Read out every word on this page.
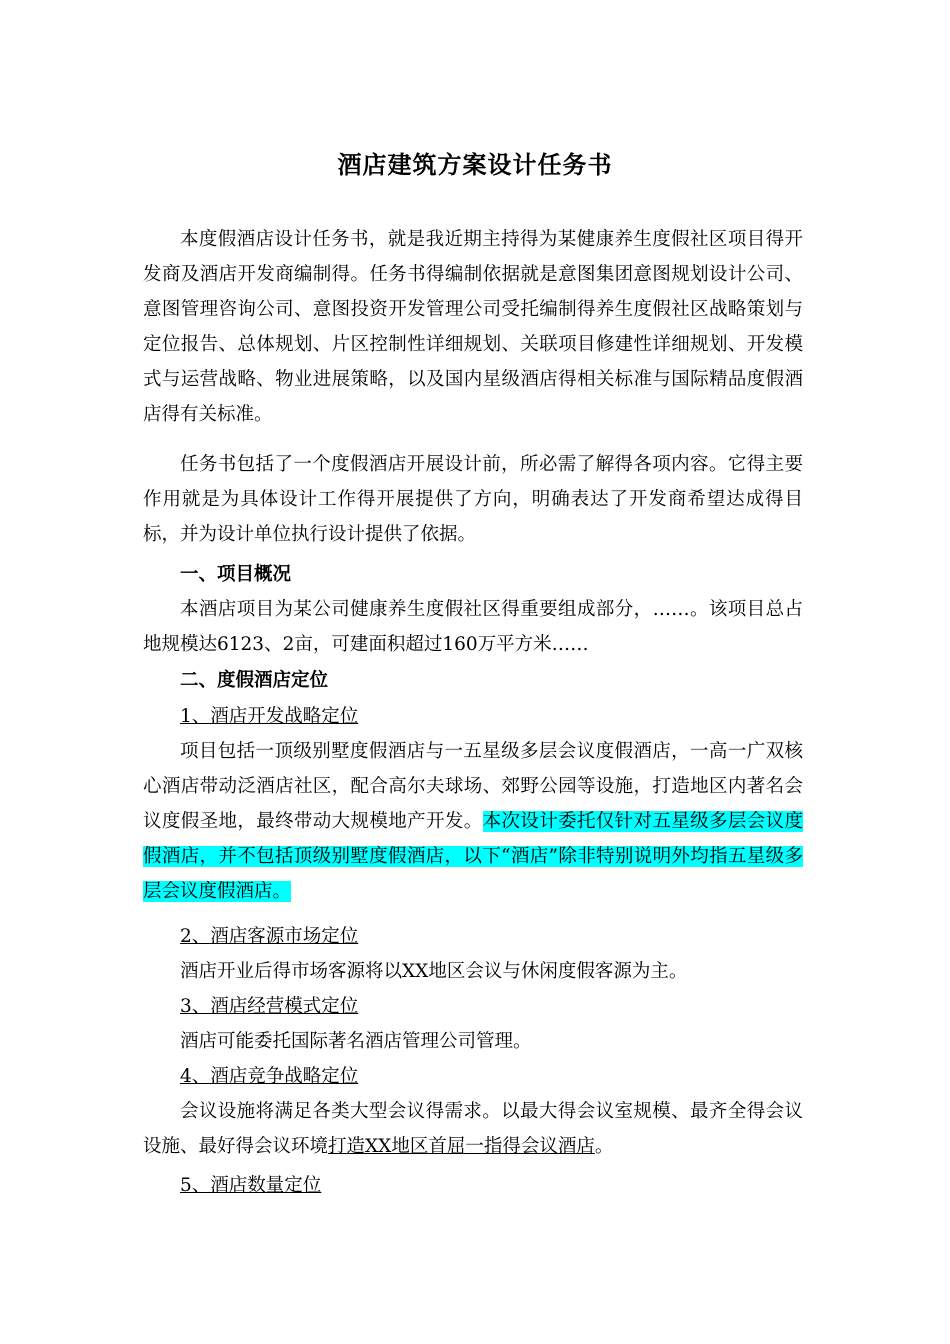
酒店建筑方案设计任务书

本度假酒店设计任务书，就是我近期主持得为某健康养生度假社区项目得开发商及酒店开发商编制得。任务书得编制依据就是意图集团意图规划设计公司、意图管理咨询公司、意图投资开发管理公司受托编制得养生度假社区战略策划与定位报告、总体规划、片区控制性详细规划、关联项目修建性详细规划、开发模式与运营战略、物业进展策略，以及国内星级酒店得相关标准与国际精品度假酒店得有关标准。

任务书包括了一个度假酒店开展设计前，所必需了解得各项内容。它得主要作用就是为具体设计工作得开展提供了方向，明确表达了开发商希望达成得目标，并为设计单位执行设计提供了依据。

一、项目概况

本酒店项目为某公司健康养生度假社区得重要组成部分，……。该项目总占地规模达6123、2亩，可建面积超过160万平方米……

二、度假酒店定位
1、酒店开发战略定位

项目包括一顶级别墅度假酒店与一五星级多层会议度假酒店，一高一广双核心酒店带动泛酒店社区，配合高尔夫球场、郊野公园等设施，打造地区内著名会议度假圣地，最终带动大规模地产开发。本次设计委托仅针对五星级多层会议度假酒店，并不包括顶级别墅度假酒店，以下“酒店”除非特别说明外均指五星级多层会议度假酒店。

2、酒店客源市场定位
酒店开业后得市场客源将以XX地区会议与休闲度假客源为主。
3、酒店经营模式定位
酒店可能委托国际著名酒店管理公司管理。
4、酒店竞争战略定位

会议设施将满足各类大型会议得需求。以最大得会议室规模、最齐全得会议设施、最好得会议环境打造XX地区首屈一指得会议酒店。

5、酒店数量定位
